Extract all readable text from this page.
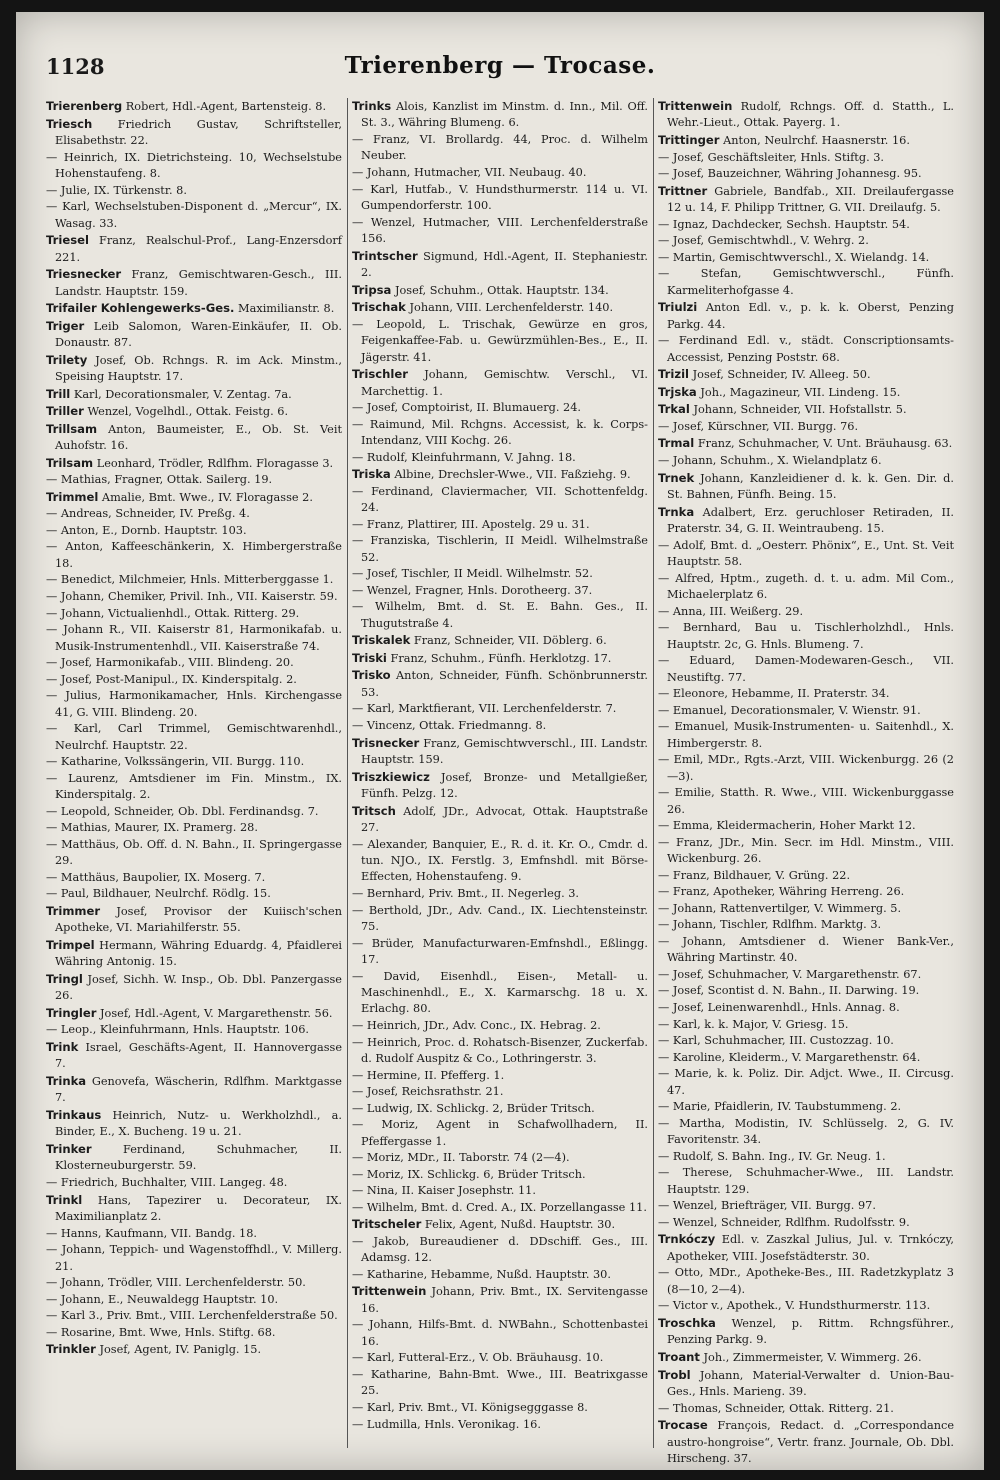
1128	Trierenberg — Trocase.
Trierenberg Robert, Hdl.-Agent, Bartensteig. 8.
Triesch Friedrich Gustav, Schriftsteller, Elisabethstr. 22.
— Heinrich, IX. Dietrichsteing. 10, Wechselstube Hohenstaufeng. 8.
— Julie, IX. Türkenstr. 8.
— Karl, Wechselstuben-Disponent d. „Mercur“, IX. Wasag. 33.
Triesel Franz, Realschul-Prof., Lang-Enzersdorf 221.
Triesnecker Franz, Gemischtwaren-Gesch., III. Landstr. Hauptstr. 159.
Trifailer Kohlengewerks-Ges. Maximilianstr. 8.
Triger Leib Salomon, Waren-Einkäufer, II. Ob. Donaustr. 87.
Trilety Josef, Ob. Rchngs. R. im Ack. Minstm., Speising Hauptstr. 17.
Trill Karl, Decorationsmaler, V. Zentag. 7a.
Triller Wenzel, Vogelhdl., Ottak. Feistg. 6.
Trillsam Anton, Baumeister, E., Ob. St. Veit Auhofstr. 16.
Trilsam Leonhard, Trödler, Rdlfhm. Floragasse 3.
— Mathias, Fragner, Ottak. Sailerg. 19.
Trimmel Amalie, Bmt. Wwe., IV. Floragasse 2.
— Andreas, Schneider, IV. Preßg. 4.
— Anton, E., Dornb. Hauptstr. 103.
— Anton, Kaffeeschänkerin, X. Himbergerstraße 18.
— Benedict, Milchmeier, Hnls. Mitterberggasse 1.
— Johann, Chemiker, Privil. Inh., VII. Kaiserstr. 59.
— Johann, Victualienhdl., Ottak. Ritterg. 29.
— Johann R., VII. Kaiserstr 81, Harmonikafab. u. Musik-Instrumentenhdl., VII. Kaiserstraße 74.
— Josef, Harmonikafab., VIII. Blindeng. 20.
— Josef, Post-Manipul., IX. Kinderspitalg. 2.
— Julius, Harmonikamacher, Hnls. Kirchengasse 41, G. VIII. Blindeng. 20.
— Karl, Carl Trimmel, Gemischtwarenhdl., Neulrchf. Hauptstr. 22.
— Katharine, Volkssängerin, VII. Burgg. 110.
— Laurenz, Amtsdiener im Fin. Minstm., IX. Kinderspitalg. 2.
— Leopold, Schneider, Ob. Dbl. Ferdinandsg. 7.
— Mathias, Maurer, IX. Pramerg. 28.
— Matthäus, Ob. Off. d. N. Bahn., II. Springergasse 29.
— Matthäus, Baupolier, IX. Moserg. 7.
— Paul, Bildhauer, Neulrchf. Rödlg. 15.
Trimmer Josef, Provisor der Kuiisch'schen Apotheke, VI. Mariahilferstr. 55.
Trimpel Hermann, Währing Eduardg. 4, Pfaidlerei Währing Antonig. 15.
Tringl Josef, Sichh. W. Insp., Ob. Dbl. Panzergasse 26.
Tringler Josef, Hdl.-Agent, V. Margarethenstr. 56.
— Leop., Kleinfuhrmann, Hnls. Hauptstr. 106.
Trink Israel, Geschäfts-Agent, II. Hannovergasse 7.
Trinka Genovefa, Wäscherin, Rdlfhm. Marktgasse 7.
Trinkaus Heinrich, Nutz- u. Werkholzhdl., a. Binder, E., X. Bucheng. 19 u. 21.
Trinker	Ferdinand, Schuhmacher, II. Klosterneuburgerstr. 59.
— Friedrich, Buchhalter, VIII. Langeg. 48.
Trinkl Hans, Tapezirer u. Decorateur, IX. Maximilianplatz 2.
— Hanns, Kaufmann, VII. Bandg. 18.
— Johann, Teppich- und Wagenstoffhdl., V. Millerg. 21.
— Johann, Trödler, VIII. Lerchenfelderstr. 50.
— Johann, E., Neuwaldegg Hauptstr. 10.
— Karl 3., Priv. Bmt., VIII. Lerchenfelderstraße 50.
— Rosarine, Bmt. Wwe, Hnls. Stiftg. 68.
Trinkler Josef, Agent, IV. Paniglg. 15.
Trinks Alois, Kanzlist im Minstm. d. Inn., Mil. Off. St. 3., Währing Blumeng. 6.
— Franz, VI. Brollardg. 44, Proc. d. Wilhelm Neuber.
— Johann, Hutmacher, VII. Neubaug. 40.
— Karl, Hutfab., V. Hundsthurmerstr. 114 u. VI. Gumpendorferstr. 100.
— Wenzel, Hutmacher, VIII. Lerchenfelderstraße 156.
Trintscher Sigmund, Hdl.-Agent, II. Stephaniestr. 2.
Tripsa Josef, Schuhm., Ottak. Hauptstr. 134.
Trischak Johann, VIII. Lerchenfelderstr. 140.
— Leopold, L. Trischak, Gewürze en gros, Feigenkaffee-Fab. u. Gewürzmühlen-Bes., E., II. Jägerstr. 41.
Trischler Johann, Gemischtw. Verschl., VI. Marchettig. 1.
— Josef, Comptoirist, II. Blumauerg. 24.
— Raimund, Mil. Rchgns. Accessist, k. k. Corps-Intendanz, VIII Kochg. 26.
— Rudolf, Kleinfuhrmann, V. Jahng. 18.
Triska Albine, Drechsler-Wwe., VII. Faßziehg. 9.
— Ferdinand, Claviermacher, VII. Schottenfeldg. 24.
— Franz, Plattirer, III. Apostelg. 29 u. 31.
— Franziska, Tischlerin, II Meidl. Wilhelmstraße 52.
— Josef, Tischler, II Meidl. Wilhelmstr. 52.
— Wenzel, Fragner, Hnls. Dorotheerg. 37.
— Wilhelm, Bmt. d. St. E. Bahn. Ges., II. Thugutstraße 4.
Triskalek Franz, Schneider, VII. Döblerg. 6.
Triski Franz, Schuhm., Fünfh. Herklotzg. 17.
Trisko Anton, Schneider, Fünfh. Schönbrunnerstr. 53.
— Karl, Marktfierant, VII. Lerchenfelderstr. 7.
— Vincenz, Ottak. Friedmanng. 8.
Trisnecker Franz, Gemischtwverschl., III. Landstr. Hauptstr. 159.
Triszkiewicz Josef, Bronze- und Metallgießer, Fünfh. Pelzg. 12.
Tritsch Adolf, JDr., Advocat, Ottak. Hauptstraße 27.
— Alexander, Banquier, E., R. d. it. Kr. O., Cmdr. d. tun. NJO., IX. Ferstlg. 3, Emfnshdl. mit Börse-Effecten, Hohenstaufeng. 9.
— Bernhard, Priv. Bmt., II. Negerleg. 3.
— Berthold, JDr., Adv. Cand., IX. Liechtensteinstr. 75.
— Brüder, Manufacturwaren-Emfnshdl., Eßlingg. 17.
— David, Eisenhdl., Eisen-, Metall- u. Maschinenhdl., E., X. Karmarschg. 18 u. X. Erlachg. 80.
— Heinrich, JDr., Adv. Conc., IX. Hebrag. 2.
— Heinrich, Proc. d. Rohatsch-Bisenzer, Zuckerfab. d. Rudolf Auspitz & Co., Lothringerstr. 3.
— Hermine, II. Pfefferg. 1.
— Josef, Reichsrathstr. 21.
— Ludwig, IX. Schlickg. 2, Brüder Tritsch.
— Moriz, Agent in Schafwollhadern, II. Pfeffergasse 1.
— Moriz, MDr., II. Taborstr. 74 (2—4).
— Moriz, IX. Schlickg. 6, Brüder Tritsch.
— Nina, II. Kaiser Josephstr. 11.
— Wilhelm, Bmt. d. Cred. A., IX. Porzellangasse 11.
Tritscheler Felix, Agent, Nußd. Hauptstr. 30.
— Jakob, Bureaudiener d. DDschiff. Ges., III. Adamsg. 12.
— Katharine, Hebamme, Nußd. Hauptstr. 30.
Trittenwein Johann, Priv. Bmt., IX. Servitengasse 16.
— Johann, Hilfs-Bmt. d. NWBahn., Schottenbastei 16.
— Karl, Futteral-Erz., V. Ob. Bräuhausg. 10.
— Katharine, Bahn-Bmt. Wwe., III. Beatrixgasse 25.
— Karl, Priv. Bmt., VI. Königsegggasse 8.
— Ludmilla, Hnls. Veronikag. 16.
Trittenwein Rudolf, Rchngs. Off. d. Statth., L. Wehr.-Lieut., Ottak. Payerg. 1.
Trittinger Anton, Neulrchf. Haasnerstr. 16.
— Josef, Geschäftsleiter, Hnls. Stiftg. 3.
— Josef, Bauzeichner, Währing Johannesg. 95.
Trittner Gabriele, Bandfab., XII. Dreilaufergasse 12 u. 14, F. Philipp Trittner, G. VII. Dreilaufg. 5.
— Ignaz, Dachdecker, Sechsh. Hauptstr. 54.
— Josef, Gemischtwhdl., V. Wehrg. 2.
— Martin, Gemischtwverschl., X. Wielandg. 14.
— Stefan, Gemischtwverschl., Fünfh. Karmeliterhofgasse 4.
Triulzi Anton Edl. v., p. k. k. Oberst, Penzing Parkg. 44.
— Ferdinand Edl. v., städt. Conscriptionsamts-Accessist, Penzing Poststr. 68.
Trizil Josef, Schneider, IV. Alleeg. 50.
Trjska Joh., Magazineur, VII. Lindeng. 15.
Trkal Johann, Schneider, VII. Hofstallstr. 5.
— Josef, Kürschner, VII. Burgg. 76.
Trmal Franz, Schuhmacher, V. Unt. Bräuhausg. 63.
— Johann, Schuhm., X. Wielandplatz 6.
Trnek Johann, Kanzleidiener d. k. k. Gen. Dir. d. St. Bahnen, Fünfh. Being. 15.
Trnka Adalbert, Erz. geruchloser Retiraden, II. Praterstr. 34, G. II. Weintraubeng. 15.
— Adolf, Bmt. d. „Oesterr. Phönix“, E., Unt. St. Veit Hauptstr. 58.
— Alfred, Hptm., zugeth. d. t. u. adm. Mil Com., Michaelerplatz 6.
— Anna, III. Weißerg. 29.
— Bernhard, Bau u. Tischlerholzhdl., Hnls. Hauptstr. 2c, G. Hnls. Blumeng. 7.
— Eduard, Damen-Modewaren-Gesch., VII. Neustiftg. 77.
— Eleonore, Hebamme, II. Praterstr. 34.
— Emanuel, Decorationsmaler, V. Wienstr. 91.
— Emanuel, Musik-Instrumenten- u. Saitenhdl., X. Himbergerstr. 8.
— Emil, MDr., Rgts.-Arzt, VIII. Wickenburgg. 26 (2—3).
— Emilie, Statth. R. Wwe., VIII. Wickenburggasse 26.
— Emma, Kleidermacherin, Hoher Markt 12.
— Franz, JDr., Min. Secr. im Hdl. Minstm., VIII. Wickenburg. 26.
— Franz, Bildhauer, V. Grüng. 22.
— Franz, Apotheker, Währing Herreng. 26.
— Johann, Rattenvertilger, V. Wimmerg. 5.
— Johann, Tischler, Rdlfhm. Marktg. 3.
— Johann, Amtsdiener d. Wiener Bank-Ver., Währing Martinstr. 40.
— Josef, Schuhmacher, V. Margarethenstr. 67.
— Josef, Scontist d. N. Bahn., II. Darwing. 19.
— Josef, Leinenwarenhdl., Hnls. Annag. 8.
— Karl, k. k. Major, V. Griesg. 15.
— Karl, Schuhmacher, III. Custozzag. 10.
— Karoline, Kleiderm., V. Margarethenstr. 64.
— Marie, k. k. Poliz. Dir. Adjct. Wwe., II. Circusg. 47.
— Marie, Pfaidlerin, IV. Taubstummeng. 2.
— Martha, Modistin, IV. Schlüsselg. 2, G. IV. Favoritenstr. 34.
— Rudolf, S. Bahn. Ing., IV. Gr. Neug. 1.
— Therese, Schuhmacher-Wwe., III. Landstr. Hauptstr. 129.
— Wenzel, Briefträger, VII. Burgg. 97.
— Wenzel, Schneider, Rdlfhm. Rudolfsstr. 9.
Trnkóczy Edl. v. Zaszkal Julius, Jul. v. Trnkóczy, Apotheker, VIII. Josefstädterstr. 30.
— Otto, MDr., Apotheke-Bes., III. Radetzkyplatz 3 (8—10, 2—4).
— Victor v., Apothek., V. Hundsthurmerstr. 113.
Troschka Wenzel, p. Rittm. Rchngsführer., Penzing Parkg. 9.
Troant Joh., Zimmermeister, V. Wimmerg. 26.
Trobl Johann, Material-Verwalter d. Union-Bau-Ges., Hnls. Marieng. 39.
— Thomas, Schneider, Ottak. Ritterg. 21.
Trocase François, Redact. d. „Correspondance austro-hongroise“, Vertr. franz. Journale, Ob. Dbl. Hirscheng. 37.
